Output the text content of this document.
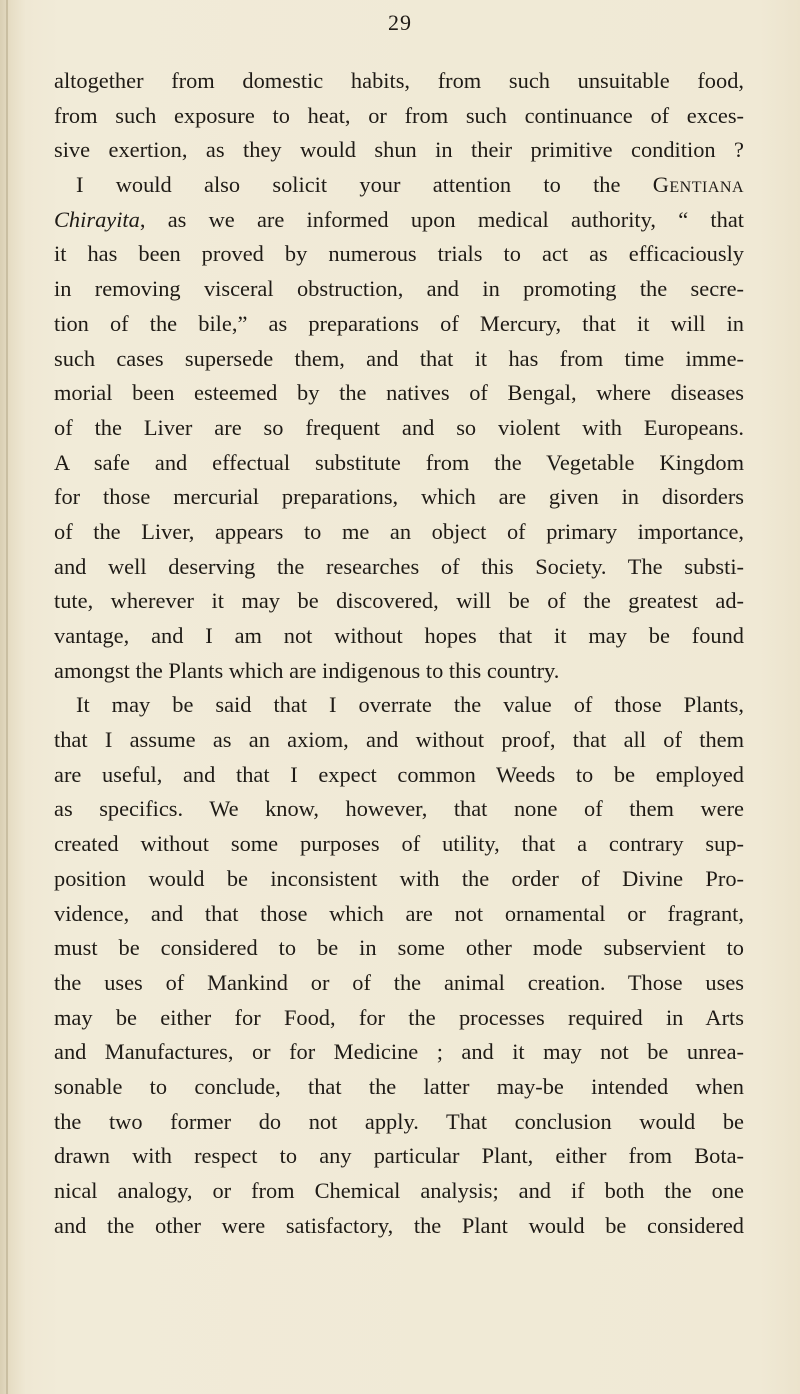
29
altogether from domestic habits, from such unsuitable food,
from such exposure to heat, or from such continuance of exces-
sive exertion, as they would shun in their primitive condition ?
I would also solicit your attention to the Gentiana
Chirayita, as we are informed upon medical authority, “ that
it has been proved by numerous trials to act as efficaciously
in removing visceral obstruction, and in promoting the secre-
tion of the bile,” as preparations of Mercury, that it will in
such cases supersede them, and that it has from time imme-
morial been esteemed by the natives of Bengal, where diseases
of the Liver are so frequent and so violent with Europeans.
A safe and effectual substitute from the Vegetable Kingdom
for those mercurial preparations, which are given in disorders
of the Liver, appears to me an object of primary importance,
and well deserving the researches of this Society. The substi-
tute, wherever it may be discovered, will be of the greatest ad-
vantage, and I am not without hopes that it may be found
amongst the Plants which are indigenous to this country.
It may be said that I overrate the value of those Plants,
that I assume as an axiom, and without proof, that all of them
are useful, and that I expect common Weeds to be employed
as specifics. We know, however, that none of them were
created without some purposes of utility, that a contrary sup-
position would be inconsistent with the order of Divine Pro-
vidence, and that those which are not ornamental or fragrant,
must be considered to be in some other mode subservient to
the uses of Mankind or of the animal creation. Those uses
may be either for Food, for the processes required in Arts
and Manufactures, or for Medicine ; and it may not be unrea-
sonable to conclude, that the latter may-be intended when
the two former do not apply. That conclusion would be
drawn with respect to any particular Plant, either from Bota-
nical analogy, or from Chemical analysis; and if both the one
and the other were satisfactory, the Plant would be considered
